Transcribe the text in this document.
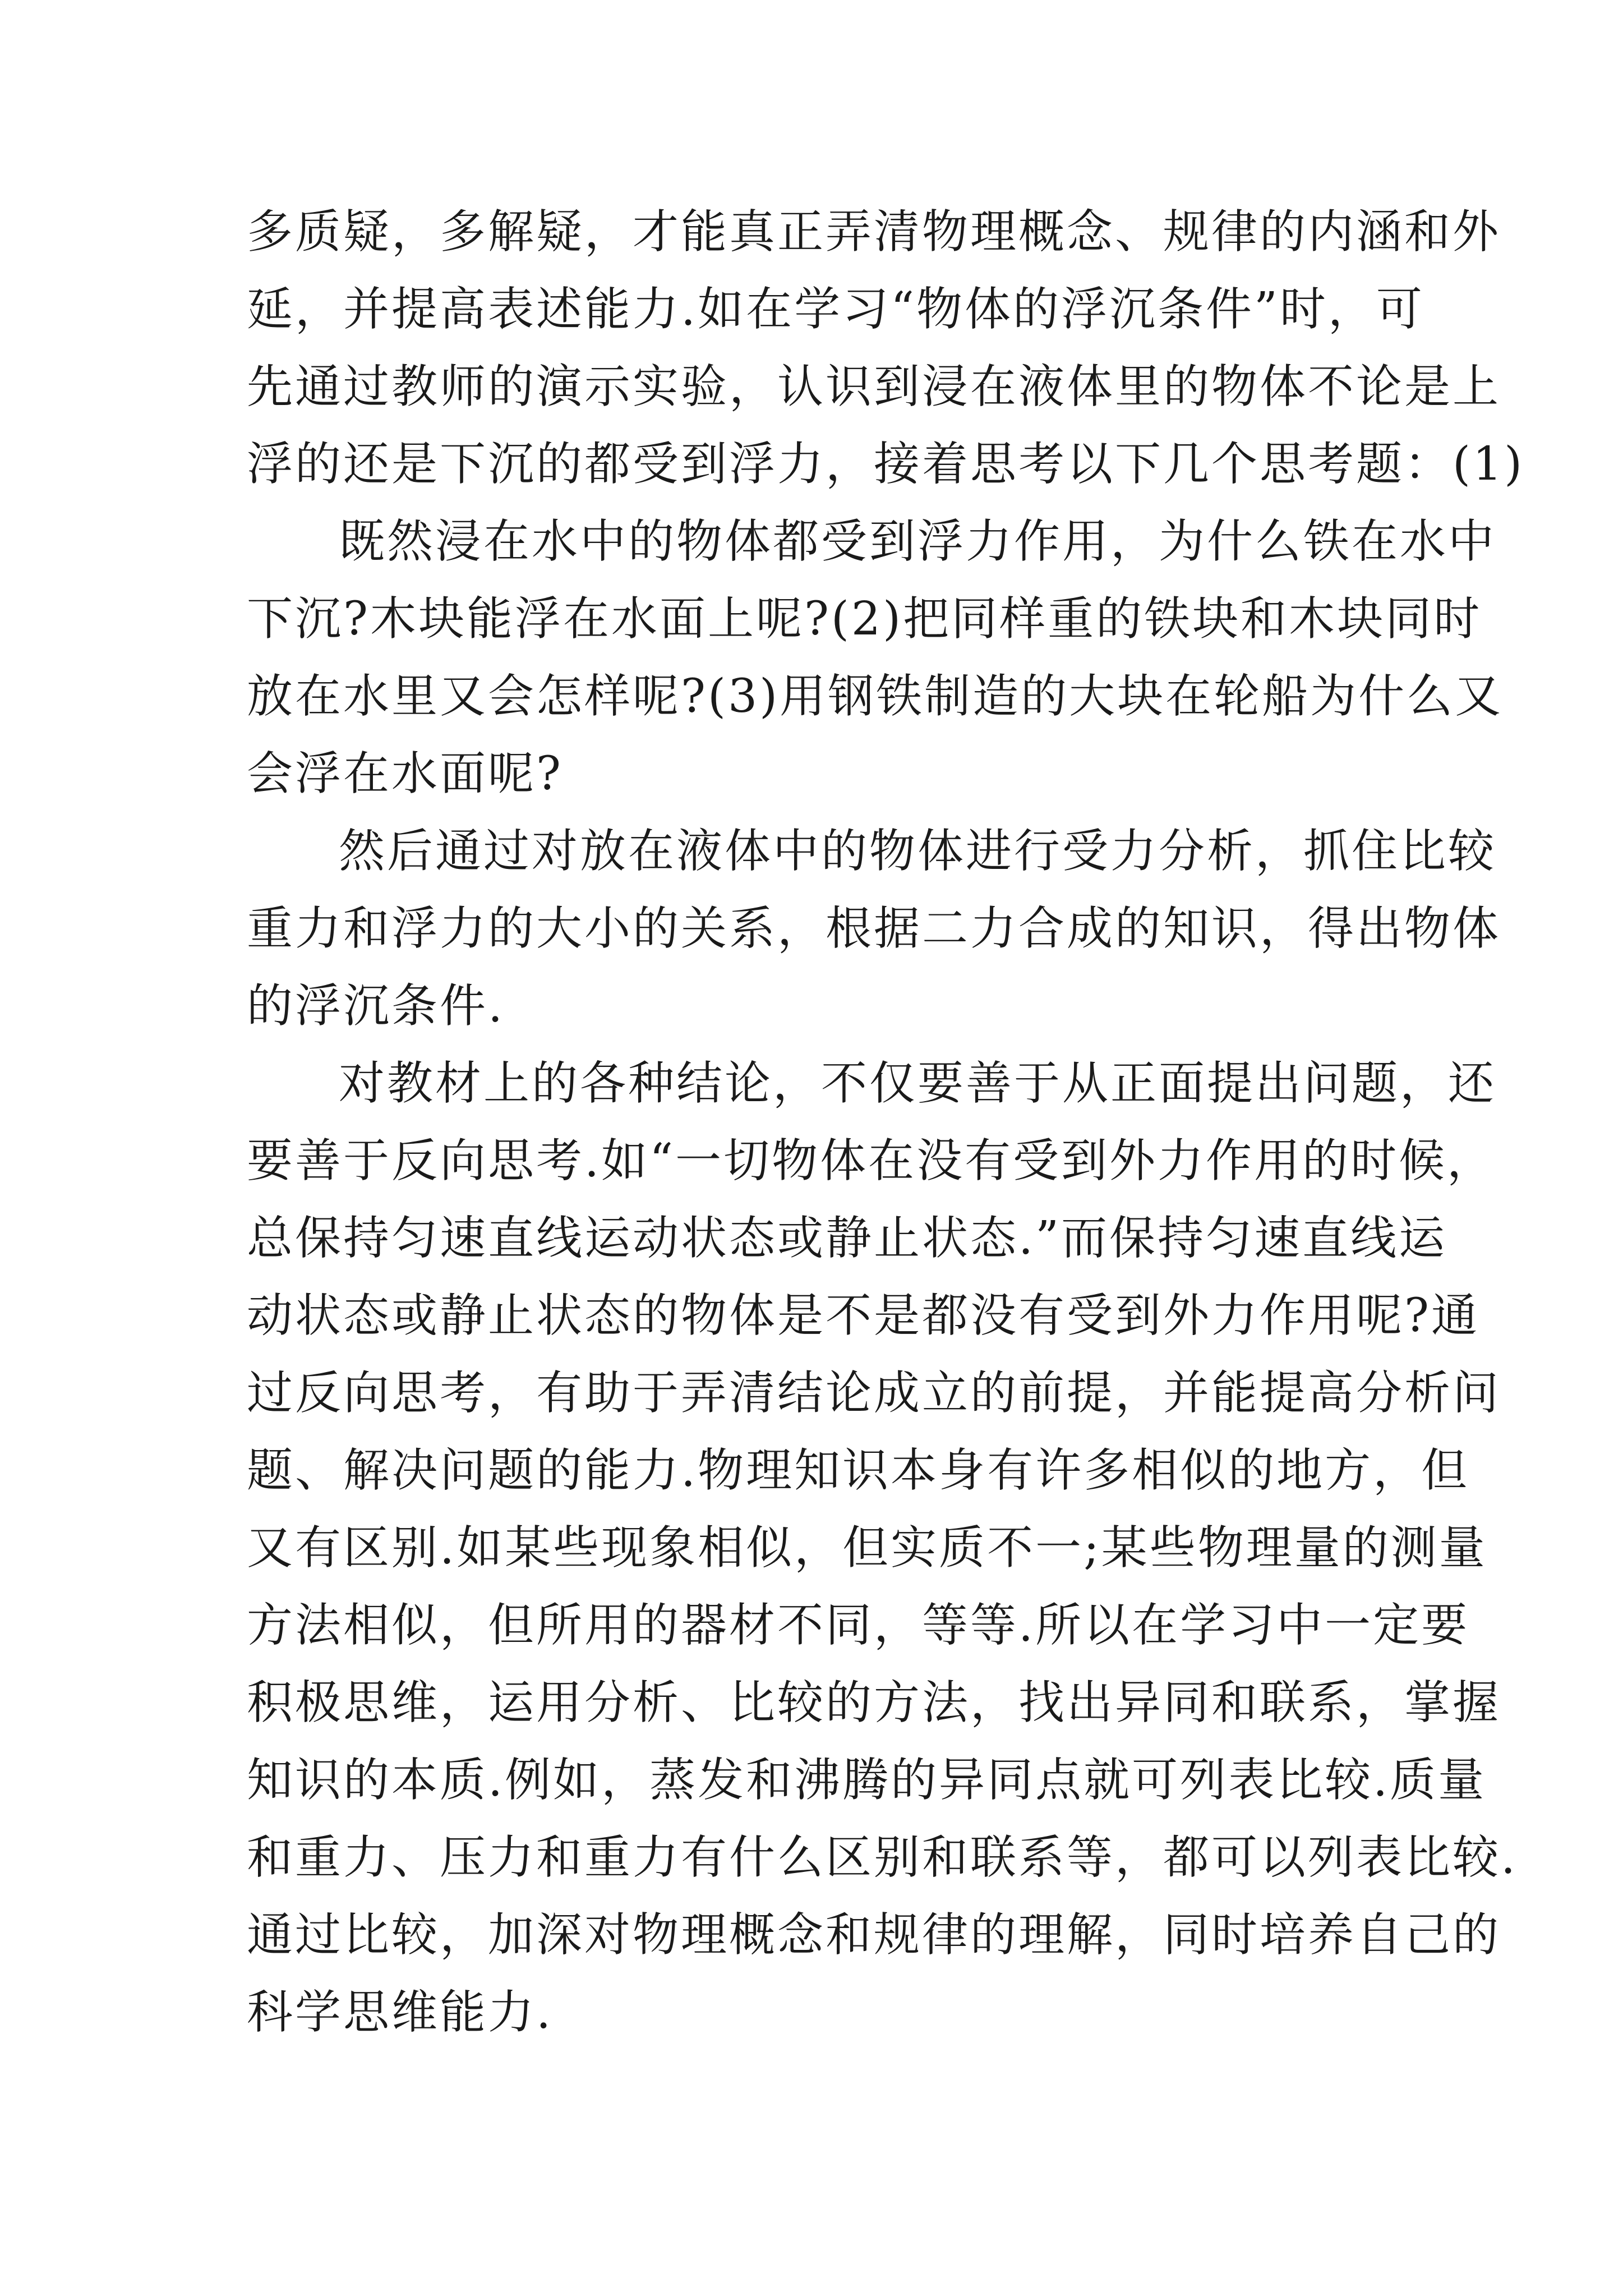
多质疑，多解疑，才能真正弄清物理概念、规律的内涵和外
延，并提高表述能力.如在学习“物体的浮沉条件”时，可
先通过教师的演示实验，认识到浸在液体里的物体不论是上
浮的还是下沉的都受到浮力，接着思考以下几个思考题：(1)

既然浸在水中的物体都受到浮力作用，为什么铁在水中
下沉?木块能浮在水面上呢?(2)把同样重的铁块和木块同时
放在水里又会怎样呢?(3)用钢铁制造的大块在轮船为什么又
会浮在水面呢?

然后通过对放在液体中的物体进行受力分析，抓住比较
重力和浮力的大小的关系，根据二力合成的知识，得出物体
的浮沉条件.

对教材上的各种结论，不仅要善于从正面提出问题，还
要善于反向思考.如“一切物体在没有受到外力作用的时候，
总保持匀速直线运动状态或静止状态.”而保持匀速直线运
动状态或静止状态的物体是不是都没有受到外力作用呢?通
过反向思考，有助于弄清结论成立的前提，并能提高分析问
题、解决问题的能力.物理知识本身有许多相似的地方，但
又有区别.如某些现象相似，但实质不一;某些物理量的测量
方法相似，但所用的器材不同，等等.所以在学习中一定要
积极思维，运用分析、比较的方法，找出异同和联系，掌握
知识的本质.例如，蒸发和沸腾的异同点就可列表比较.质量
和重力、压力和重力有什么区别和联系等，都可以列表比较.
通过比较，加深对物理概念和规律的理解，同时培养自己的
科学思维能力.
